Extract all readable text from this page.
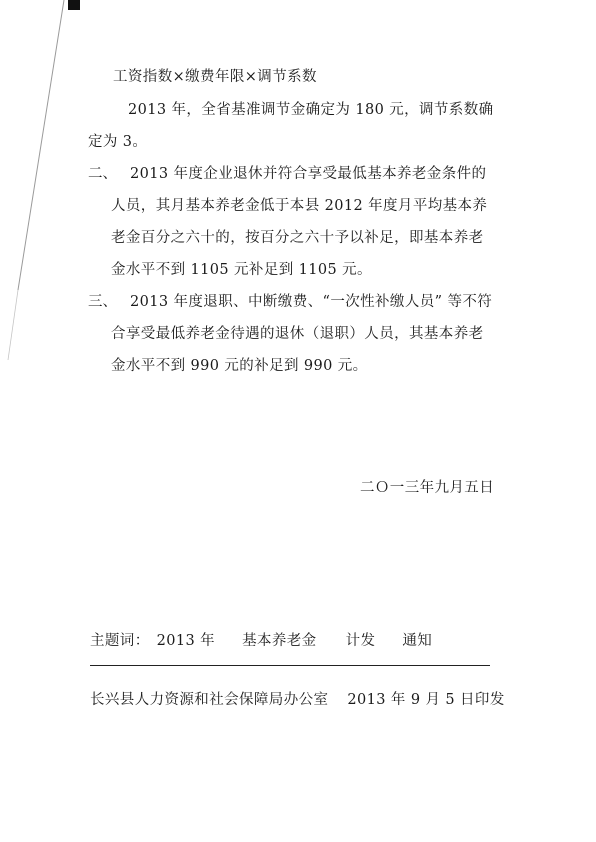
工资指数×缴费年限×调节系数
2013 年，全省基准调节金确定为 180 元，调节系数确
定为 3。
二、 2013 年度企业退休并符合享受最低基本养老金条件的
人员，其月基本养老金低于本县 2012 年度月平均基本养
老金百分之六十的，按百分之六十予以补足，即基本养老
金水平不到 1105 元补足到 1105 元。
三、 2013 年度退职、中断缴费、“一次性补缴人员” 等不符
合享受最低养老金待遇的退休（退职）人员，其基本养老
金水平不到 990 元的补足到 990 元。
二Ｏ一三年九月五日
主题词： 2013 年 基本养老金 计发 通知
长兴县人力资源和社会保障局办公室 2013 年 9 月 5 日印发
